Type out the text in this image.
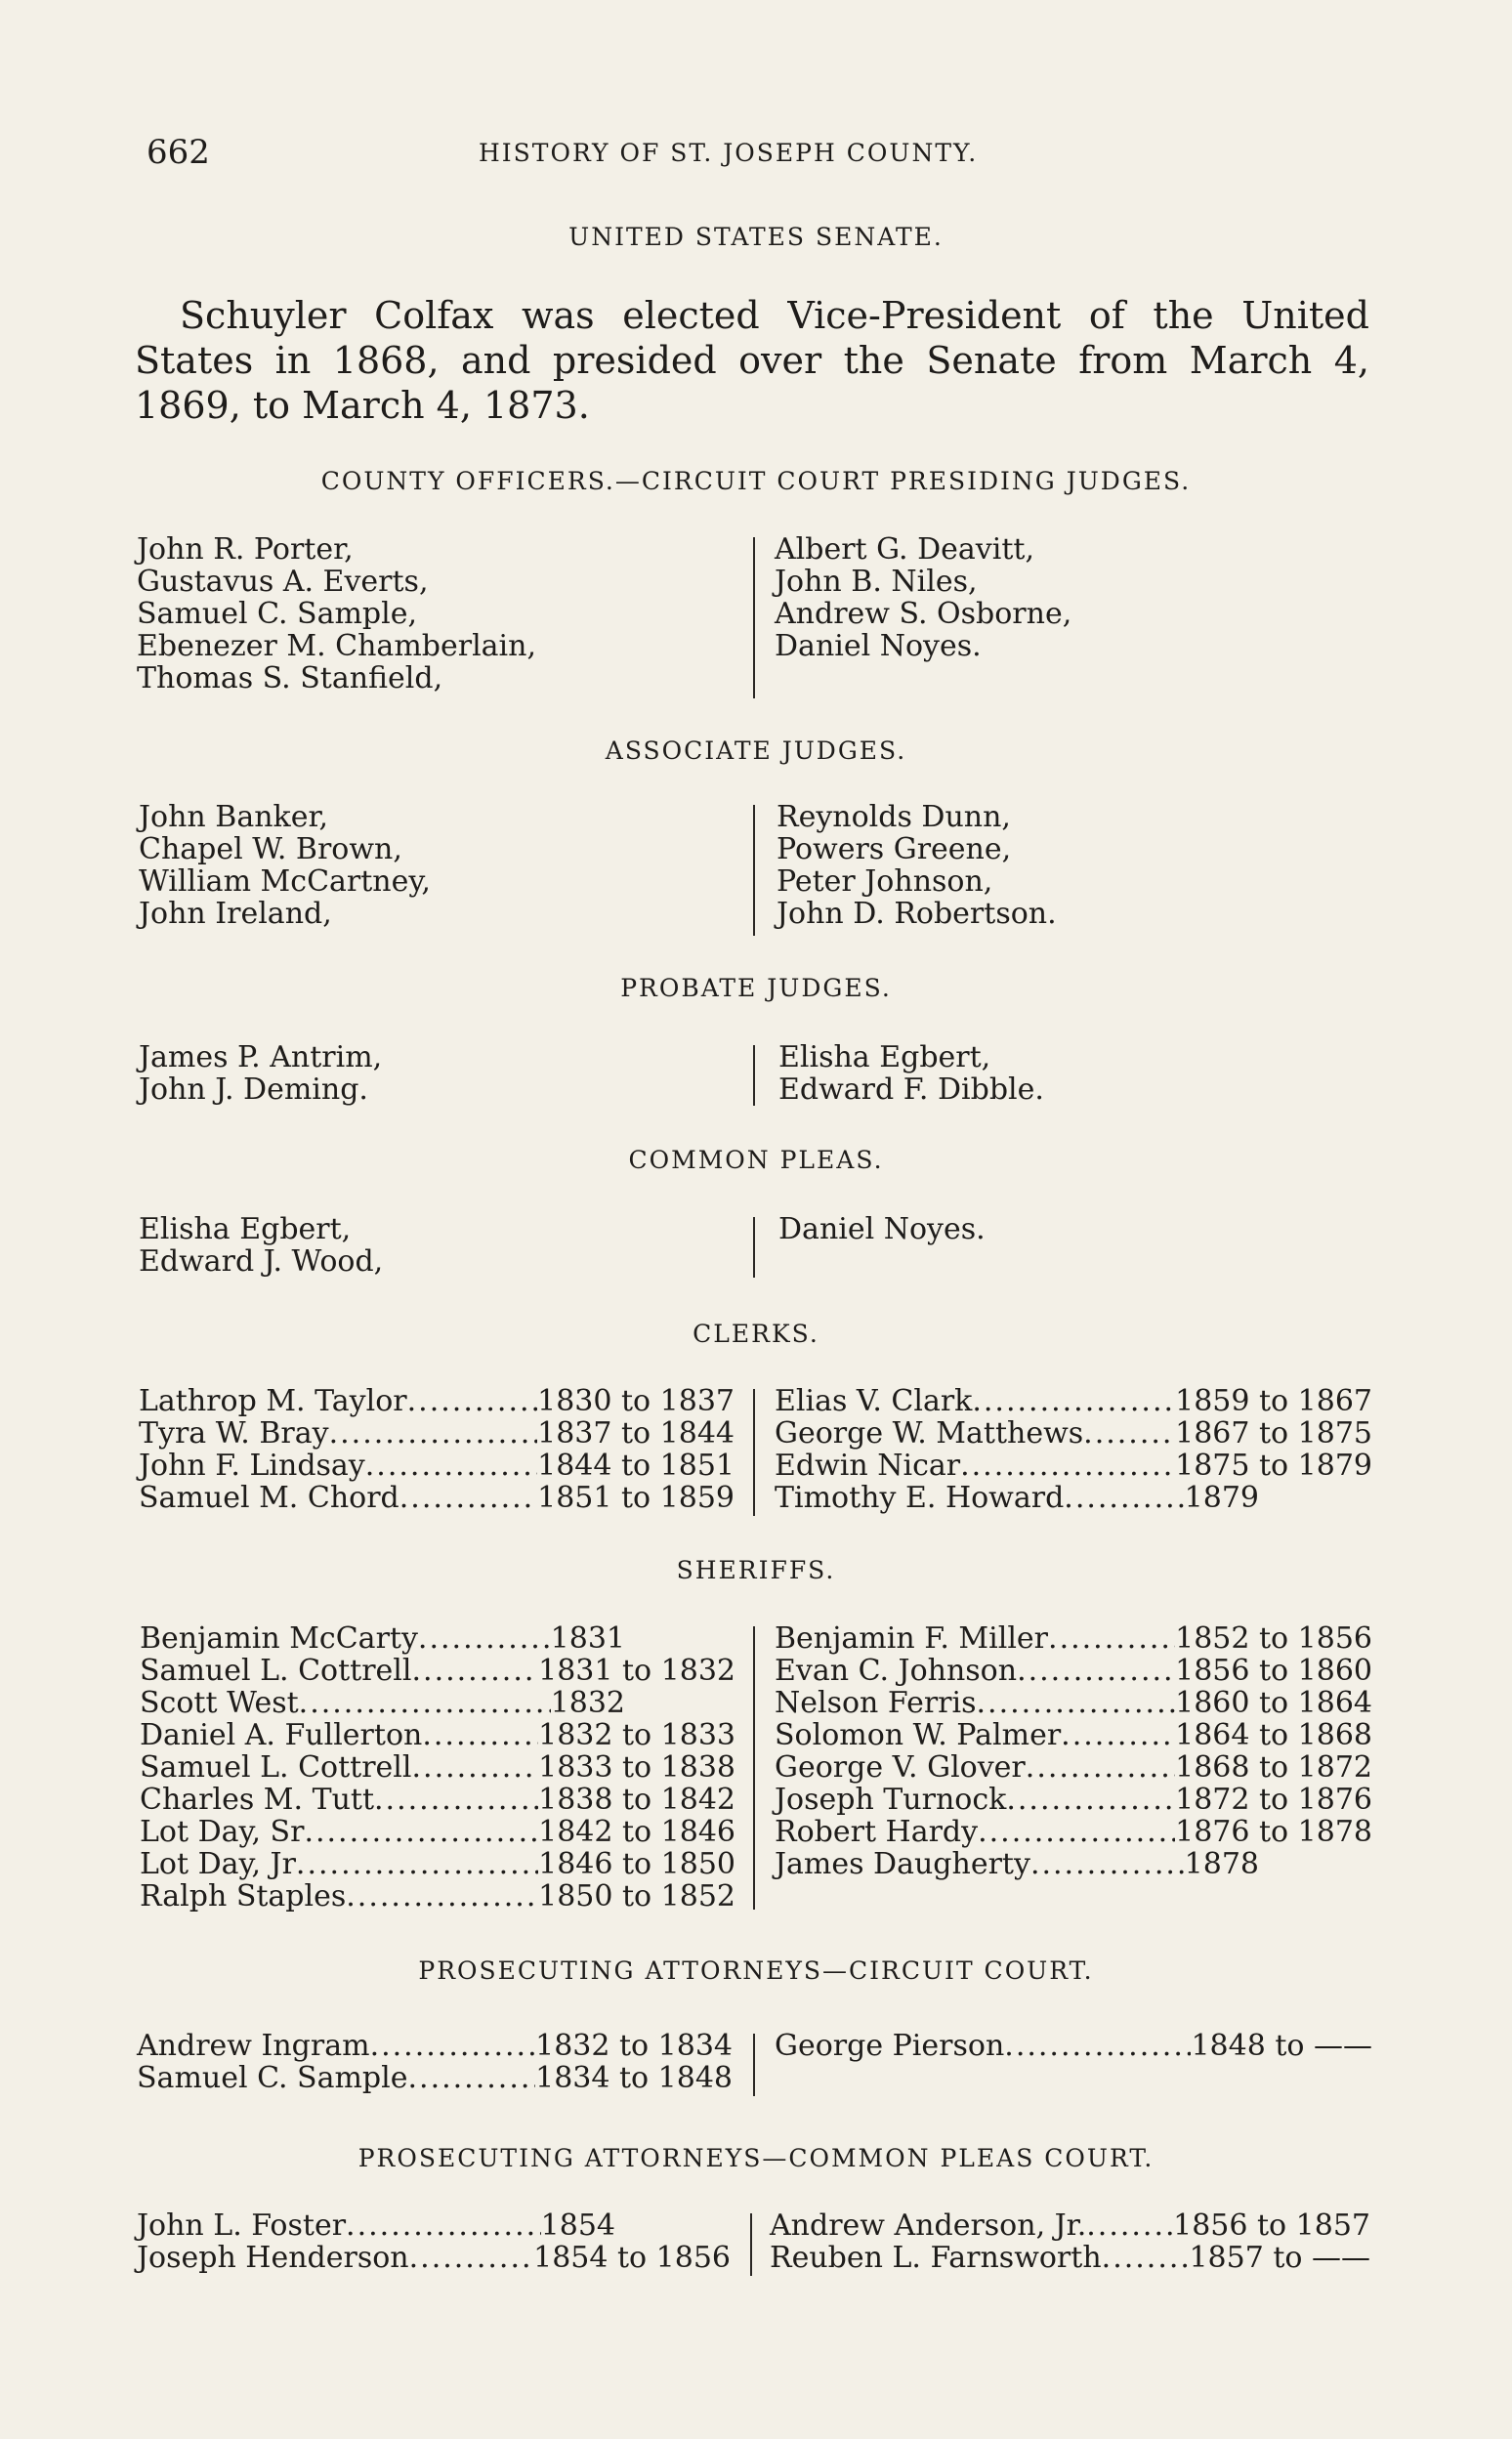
662	HISTORY OF ST. JOSEPH COUNTY.
UNITED STATES SENATE.

Schuyler Colfax was elected Vice-President of the United States in 1868, and presided over the Senate from March 4, 1869, to March 4, 1873.

COUNTY OFFICERS.—CIRCUIT COURT PRESIDING JUDGES.
John R. Porter,
Gustavus A. Everts,
Samuel C. Sample,
Ebenezer M. Chamberlain,
Thomas S. Stanfield,
Albert G. Deavitt,
John B. Niles,
Andrew S. Osborne,
Daniel Noyes.
ASSOCIATE JUDGES.
John Banker,
Chapel W. Brown,
William McCartney,
John Ireland,
Reynolds Dunn,
Powers Greene,
Peter Johnson,
John D. Robertson.
PROBATE JUDGES.
James P. Antrim,
John J. Deming.
Elisha Egbert,
Edward F. Dibble.
COMMON PLEAS.
Elisha Egbert,
Edward J. Wood,
Daniel Noyes.
CLERKS.
Lathrop M. Taylor .....	1830 to 1837
Tyra W. Bray .....	1837 to 1844
John F. Lindsay .....	1844 to 1851
Samuel M. Chord .....	1851 to 1859
Elias V. Clark .....	1859 to 1867
George W. Matthews .....	1867 to 1875
Edwin Nicar .....	1875 to 1879
Timothy E. Howard .....	1879
SHERIFFS.
Benjamin McCarty .....	1831
Samuel L. Cottrell .....	1831 to 1832
Scott West .....	1832
Daniel A. Fullerton .....	1832 to 1833
Samuel L. Cottrell .....	1833 to 1838
Charles M. Tutt .....	1838 to 1842
Lot Day, Sr .....	1842 to 1846
Lot Day, Jr .....	1846 to 1850
Ralph Staples .....	1850 to 1852
Benjamin F. Miller .....	1852 to 1856
Evan C. Johnson .....	1856 to 1860
Nelson Ferris .....	1860 to 1864
Solomon W. Palmer .....	1864 to 1868
George V. Glover .....	1868 to 1872
Joseph Turnock .....	1872 to 1876
Robert Hardy .....	1876 to 1878
James Daugherty .....	1878
PROSECUTING ATTORNEYS—CIRCUIT COURT.
Andrew Ingram .....	1832 to 1834
Samuel C. Sample .....	1834 to 1848
George Pierson .....	1848 to ——
PROSECUTING ATTORNEYS—COMMON PLEAS COURT.
John L. Foster .....	1854
Joseph Henderson .....	1854 to 1856
Andrew Anderson, Jr. .....	1856 to 1857
Reuben L. Farnsworth .....	1857 to ——
